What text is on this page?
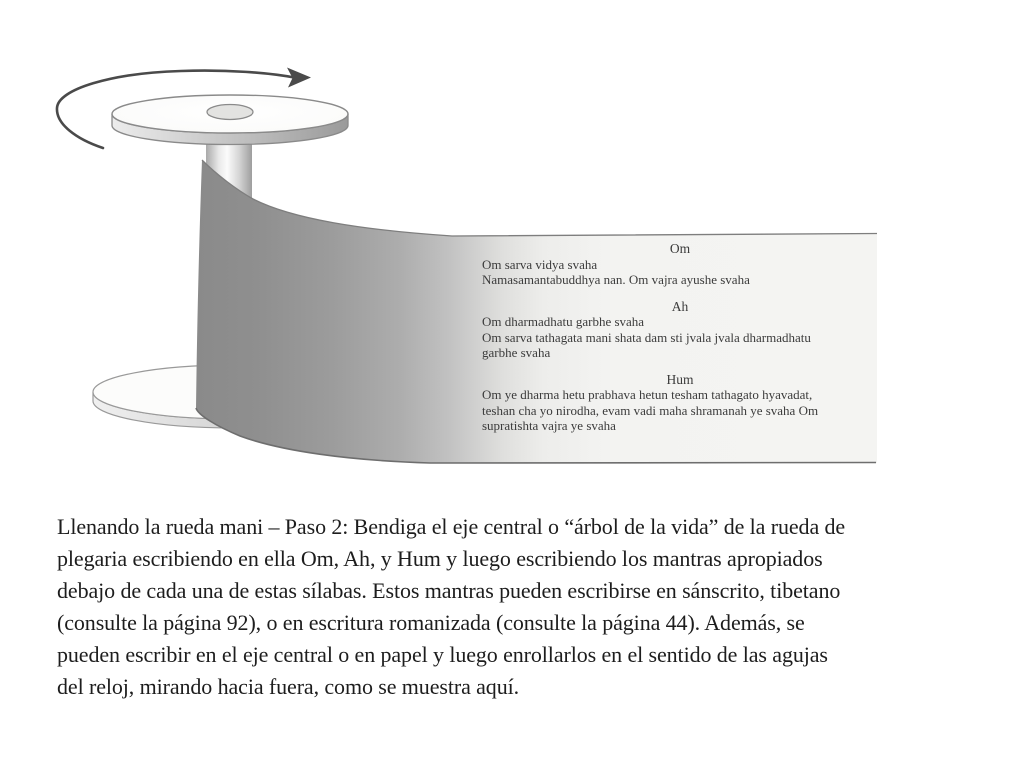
Om
Om sarva vidya svaha
Namasamantabuddhya nan. Om vajra ayushe svaha
Ah
Om dharmadhatu garbhe svaha
Om sarva tathagata mani shata dam sti jvala jvala dharmadhatu
garbhe svaha
Hum
Om ye dharma hetu prabhava hetun tesham tathagato hyavadat,
teshan cha yo nirodha, evam vadi maha shramanah ye svaha Om
supratishta vajra ye svaha
Llenando la rueda mani – Paso 2: Bendiga el eje central o “árbol de la vida” de la rueda de
plegaria escribiendo en ella Om, Ah, y Hum y luego escribiendo los mantras apropiados
debajo de cada una de estas sílabas. Estos mantras pueden escribirse en sánscrito, tibetano
(consulte la página 92), o en escritura romanizada (consulte la página 44). Además, se
pueden escribir en el eje central o en papel y luego enrollarlos en el sentido de las agujas
del reloj, mirando hacia fuera, como se muestra aquí.
